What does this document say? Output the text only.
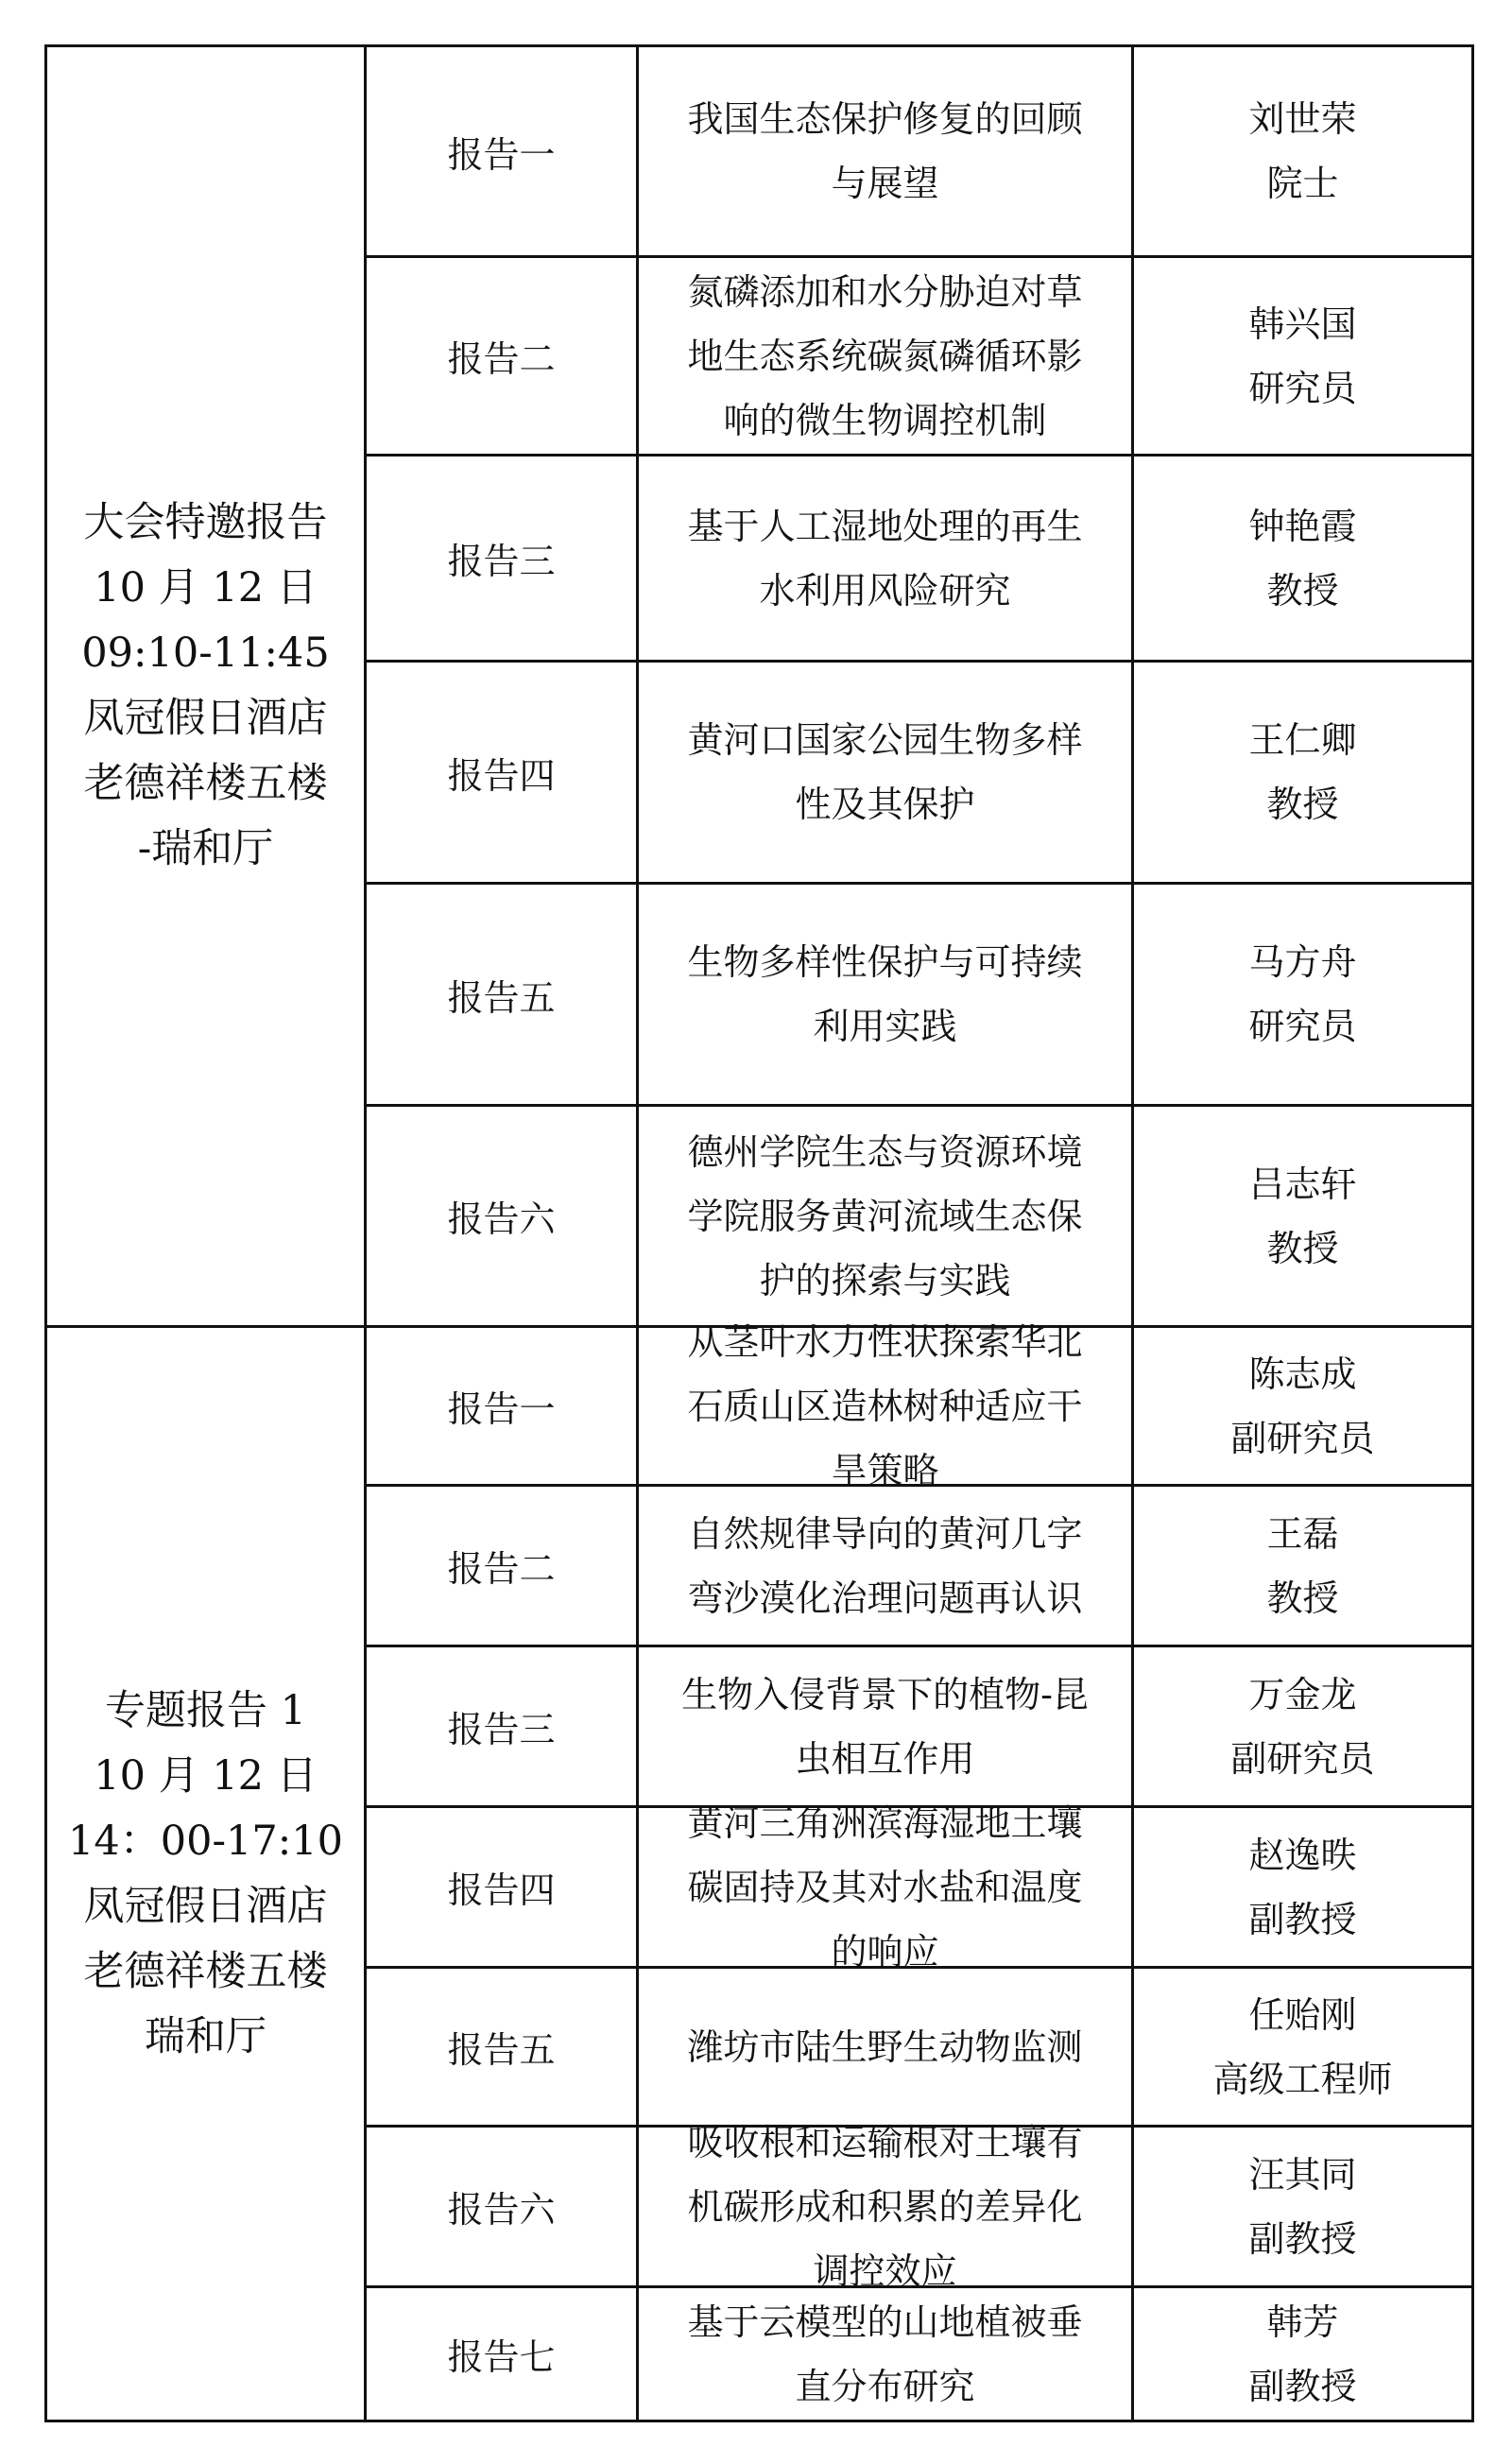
大会特邀报告
10 月 12 日
09:10-11:45
凤冠假日酒店
老德祥楼五楼
-瑞和厅
报告一
我国生态保护修复的回顾
与展望
刘世荣
院士
报告二
氮磷添加和水分胁迫对草
地生态系统碳氮磷循环影
响的微生物调控机制
韩兴国
研究员
报告三
基于人工湿地处理的再生
水利用风险研究
钟艳霞
教授
报告四
黄河口国家公园生物多样
性及其保护
王仁卿
教授
报告五
生物多样性保护与可持续
利用实践
马方舟
研究员
报告六
德州学院生态与资源环境
学院服务黄河流域生态保
护的探索与实践
吕志轩
教授
专题报告 1
10 月 12 日
14：00-17:10
凤冠假日酒店
老德祥楼五楼
瑞和厅
报告一
从茎叶水力性状探索华北
石质山区造林树种适应干
旱策略
陈志成
副研究员
报告二
自然规律导向的黄河几字
弯沙漠化治理问题再认识
王磊
教授
报告三
生物入侵背景下的植物-昆
虫相互作用
万金龙
副研究员
报告四
黄河三角洲滨海湿地土壤
碳固持及其对水盐和温度
的响应
赵逸昳
副教授
报告五	潍坊市陆生野生动物监测
任贻刚
高级工程师
报告六
吸收根和运输根对土壤有
机碳形成和积累的差异化
调控效应
汪其同
副教授
报告七
基于云模型的山地植被垂
直分布研究
韩芳
副教授
